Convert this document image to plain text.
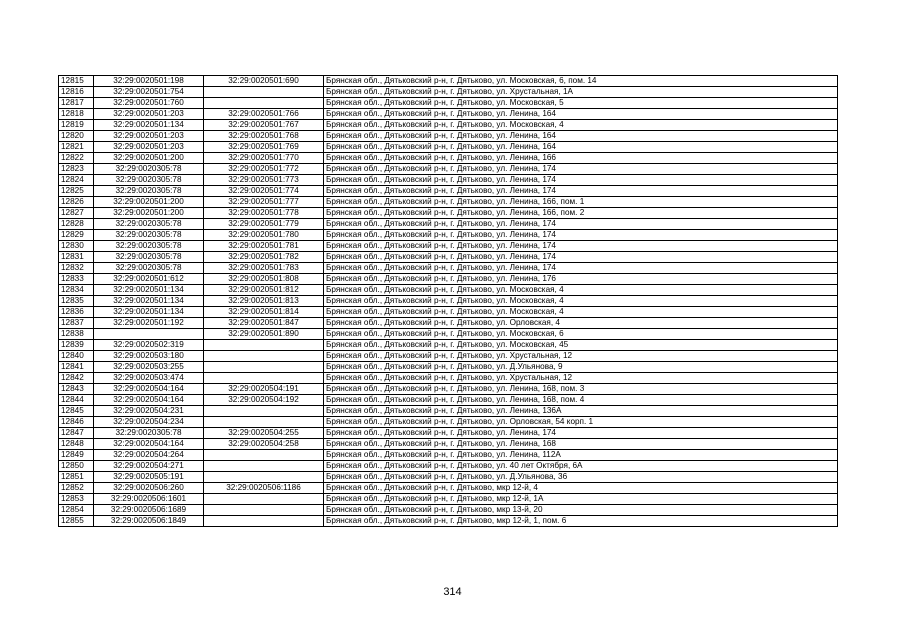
12815	32:29:0020501:198	32:29:0020501:690	Брянская обл., Дятьковский р-н, г. Дятьково, ул. Московская, 6, пом. 14
12816	32:29:0020501:754		Брянская обл., Дятьковский р-н, г. Дятьково, ул. Хрустальная, 1А
12817	32:29:0020501:760		Брянская обл., Дятьковский р-н, г. Дятьково, ул. Московская, 5
12818	32:29:0020501:203	32:29:0020501:766	Брянская обл., Дятьковский р-н, г. Дятьково, ул. Ленина, 164
12819	32:29:0020501:134	32:29:0020501:767	Брянская обл., Дятьковский р-н, г. Дятьково, ул. Московская, 4
12820	32:29:0020501:203	32:29:0020501:768	Брянская обл., Дятьковский р-н, г. Дятьково, ул. Ленина, 164
12821	32:29:0020501:203	32:29:0020501:769	Брянская обл., Дятьковский р-н, г. Дятьково, ул. Ленина, 164
12822	32:29:0020501:200	32:29:0020501:770	Брянская обл., Дятьковский р-н, г. Дятьково, ул. Ленина, 166
12823	32:29:0020305:78	32:29:0020501:772	Брянская обл., Дятьковский р-н, г. Дятьково, ул. Ленина, 174
12824	32:29:0020305:78	32:29:0020501:773	Брянская обл., Дятьковский р-н, г. Дятьково, ул. Ленина, 174
12825	32:29:0020305:78	32:29:0020501:774	Брянская обл., Дятьковский р-н, г. Дятьково, ул. Ленина, 174
12826	32:29:0020501:200	32:29:0020501:777	Брянская обл., Дятьковский р-н, г. Дятьково, ул. Ленина, 166, пом. 1
12827	32:29:0020501:200	32:29:0020501:778	Брянская обл., Дятьковский р-н, г. Дятьково, ул. Ленина, 166, пом. 2
12828	32:29:0020305:78	32:29:0020501:779	Брянская обл., Дятьковский р-н, г. Дятьково, ул. Ленина, 174
12829	32:29:0020305:78	32:29:0020501:780	Брянская обл., Дятьковский р-н, г. Дятьково, ул. Ленина, 174
12830	32:29:0020305:78	32:29:0020501:781	Брянская обл., Дятьковский р-н, г. Дятьково, ул. Ленина, 174
12831	32:29:0020305:78	32:29:0020501:782	Брянская обл., Дятьковский р-н, г. Дятьково, ул. Ленина, 174
12832	32:29:0020305:78	32:29:0020501:783	Брянская обл., Дятьковский р-н, г. Дятьково, ул. Ленина, 174
12833	32:29:0020501:612	32:29:0020501:808	Брянская обл., Дятьковский р-н, г. Дятьково, ул. Ленина, 176
12834	32:29:0020501:134	32:29:0020501:812	Брянская обл., Дятьковский р-н, г. Дятьково, ул. Московская, 4
12835	32:29:0020501:134	32:29:0020501:813	Брянская обл., Дятьковский р-н, г. Дятьково, ул. Московская, 4
12836	32:29:0020501:134	32:29:0020501:814	Брянская обл., Дятьковский р-н, г. Дятьково, ул. Московская, 4
12837	32:29:0020501:192	32:29:0020501:847	Брянская обл., Дятьковский р-н, г. Дятьково, ул. Орловская, 4
12838		32:29:0020501:890	Брянская обл., Дятьковский р-н, г. Дятьково, ул. Московская, 6
12839	32:29:0020502:319		Брянская обл., Дятьковский р-н, г. Дятьково, ул. Московская, 45
12840	32:29:0020503:180		Брянская обл., Дятьковский р-н, г. Дятьково, ул. Хрустальная, 12
12841	32:29:0020503:255		Брянская обл., Дятьковский р-н, г. Дятьково, ул. Д.Ульянова, 9
12842	32:29:0020503:474		Брянская обл., Дятьковский р-н, г. Дятьково, ул. Хрустальная, 12
12843	32:29:0020504:164	32:29:0020504:191	Брянская обл., Дятьковский р-н, г. Дятьково, ул. Ленина, 168, пом. 3
12844	32:29:0020504:164	32:29:0020504:192	Брянская обл., Дятьковский р-н, г. Дятьково, ул. Ленина, 168, пом. 4
12845	32:29:0020504:231		Брянская обл., Дятьковский р-н, г. Дятьково, ул. Ленина, 136А
12846	32:29:0020504:234		Брянская обл., Дятьковский р-н, г. Дятьково, ул. Орловская, 54 корп. 1
12847	32:29:0020305:78	32:29:0020504:255	Брянская обл., Дятьковский р-н, г. Дятьково, ул. Ленина, 174
12848	32:29:0020504:164	32:29:0020504:258	Брянская обл., Дятьковский р-н, г. Дятьково, ул. Ленина, 168
12849	32:29:0020504:264		Брянская обл., Дятьковский р-н, г. Дятьково, ул. Ленина, 112А
12850	32:29:0020504:271		Брянская обл., Дятьковский р-н, г. Дятьково, ул. 40 лет Октября, 6А
12851	32:29:0020505:191		Брянская обл., Дятьковский р-н, г. Дятьково, ул. Д.Ульянова, 36
12852	32:29:0020506:260	32:29:0020506:1186	Брянская обл., Дятьковский р-н, г. Дятьково, мкр 12-й, 4
12853	32:29:0020506:1601		Брянская обл., Дятьковский р-н, г. Дятьково, мкр 12-й, 1А
12854	32:29:0020506:1689		Брянская обл., Дятьковский р-н, г. Дятьково, мкр 13-й, 20
12855	32:29:0020506:1849		Брянская обл., Дятьковский р-н, г. Дятьково, мкр 12-й, 1, пом. 6
314
